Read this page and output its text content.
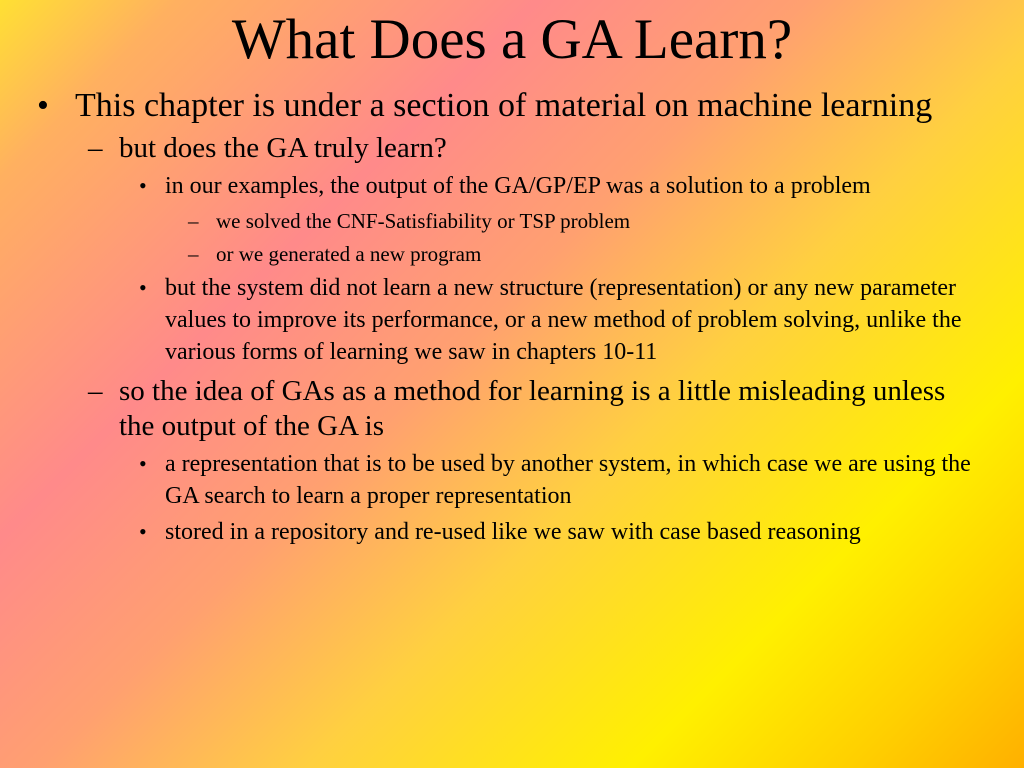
What Does a GA Learn?
• This chapter is under a section of material on machine learning
– but does the GA truly learn?
• in our examples, the output of the GA/GP/EP was a solution to a problem
– we solved the CNF-Satisfiability or TSP problem
– or we generated a new program
• but the system did not learn a new structure (representation) or any new parameter values to improve its performance, or a new method of problem solving, unlike the various forms of learning we saw in chapters 10-11
– so the idea of GAs as a method for learning is a little misleading unless the output of the GA is
• a representation that is to be used by another system, in which case we are using the GA search to learn a proper representation
• stored in a repository and re-used like we saw with case based reasoning
